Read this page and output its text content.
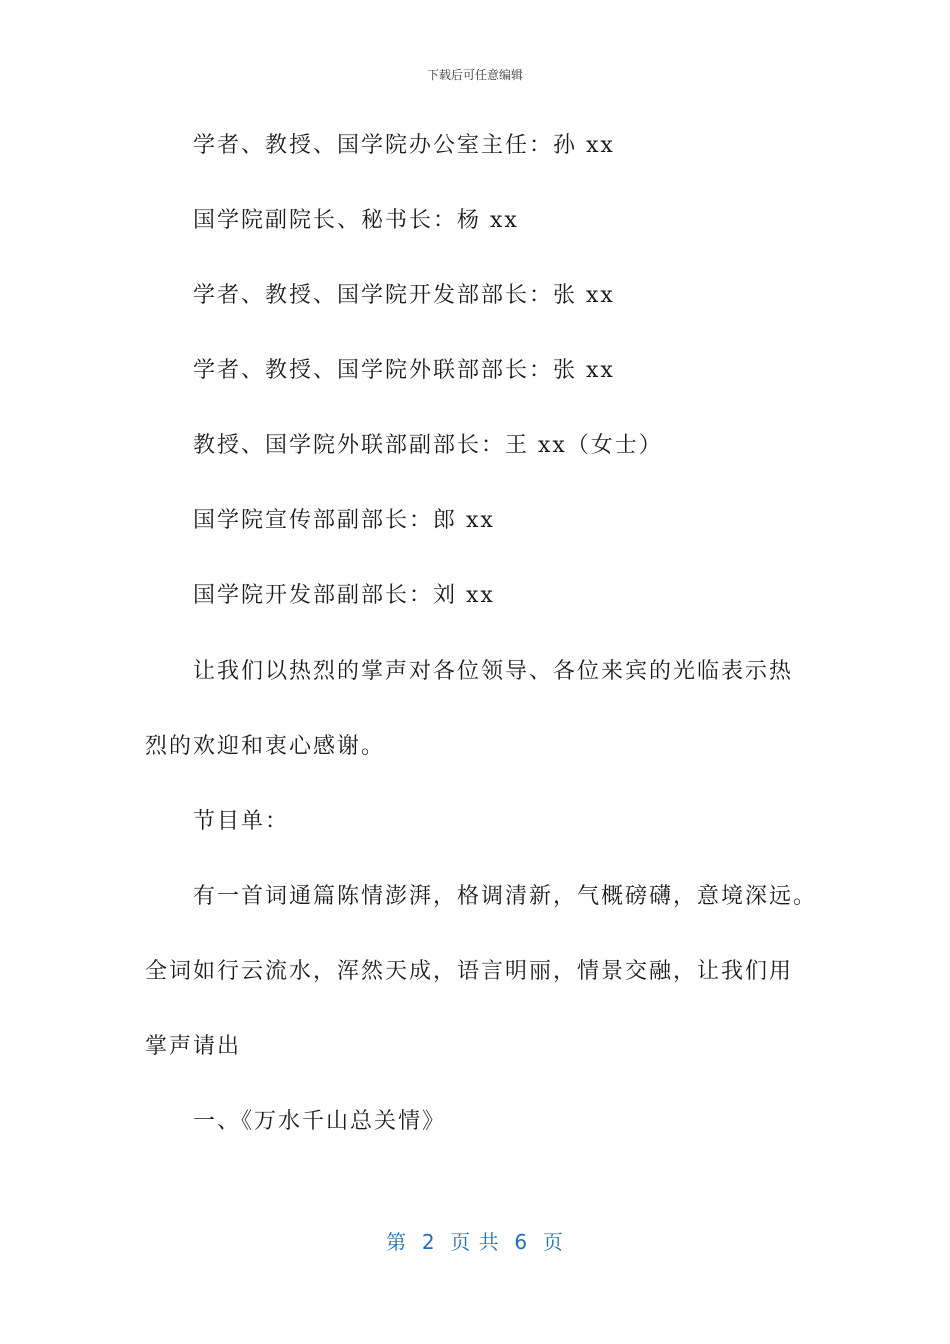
下载后可任意编辑
学者、教授、国学院办公室主任：孙 xx
国学院副院长、秘书长：杨 xx
学者、教授、国学院开发部部长：张 xx
学者、教授、国学院外联部部长：张 xx
教授、国学院外联部副部长：王 xx（女士）
国学院宣传部副部长：郎 xx
国学院开发部副部长：刘 xx
让我们以热烈的掌声对各位领导、各位来宾的光临表示热
烈的欢迎和衷心感谢。
节目单：
有一首词通篇陈情澎湃，格调清新，气概磅礴，意境深远。
全词如行云流水，浑然天成，语言明丽，情景交融，让我们用
掌声请出
一、《万水千山总关情》
第  2  页 共  6  页
